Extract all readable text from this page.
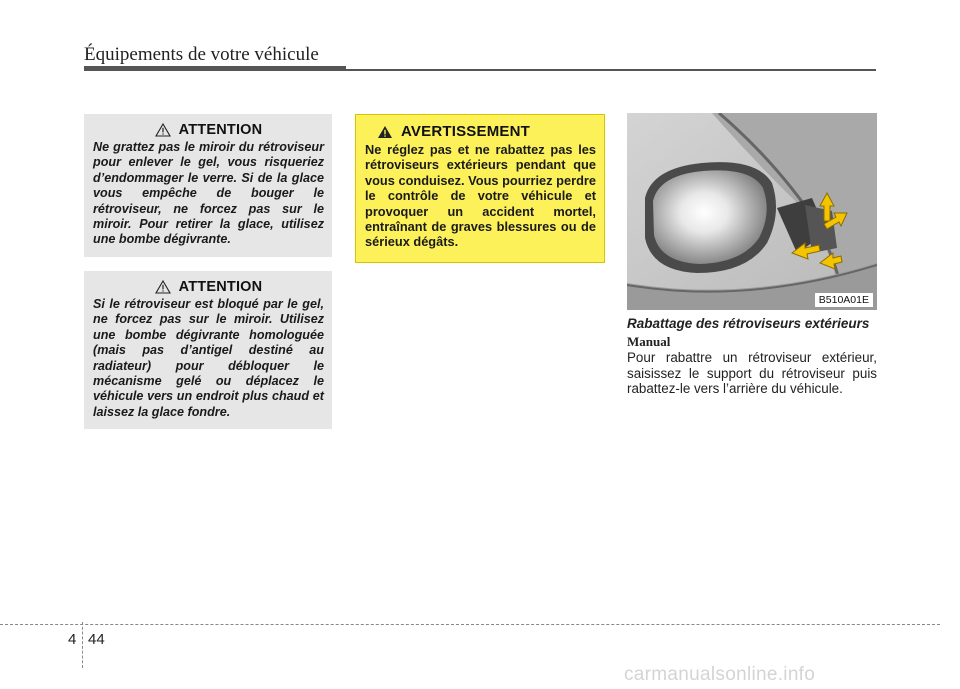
Équipements de votre véhicule
ATTENTION
Ne grattez pas le miroir du rétroviseur pour enlever le gel, vous risqueriez d’endommager le verre. Si de la glace vous empêche de bouger le rétroviseur, ne forcez pas sur le miroir. Pour retirer la glace, utilisez une bombe dégivrante.
ATTENTION
Si le rétroviseur est bloqué par le gel, ne forcez pas sur le miroir. Utilisez une bombe dégivrante homologuée (mais pas d’antigel destiné au radiateur) pour débloquer le mécanisme gelé ou déplacez le véhicule vers un endroit plus chaud et laissez la glace fondre.
AVERTISSEMENT
Ne réglez pas et ne rabattez pas les rétroviseurs extérieurs pendant que vous conduisez. Vous pourriez perdre le contrôle de votre véhicule et provoquer un accident mortel, entraînant de graves blessures ou de sérieux dégâts.
B510A01E
Rabattage des rétroviseurs extérieurs
Manual
Pour rabattre un rétroviseur extérieur, saisissez le support du rétroviseur puis rabattez-le vers l’arrière du véhicule.
4 44
carmanualsonline.info
